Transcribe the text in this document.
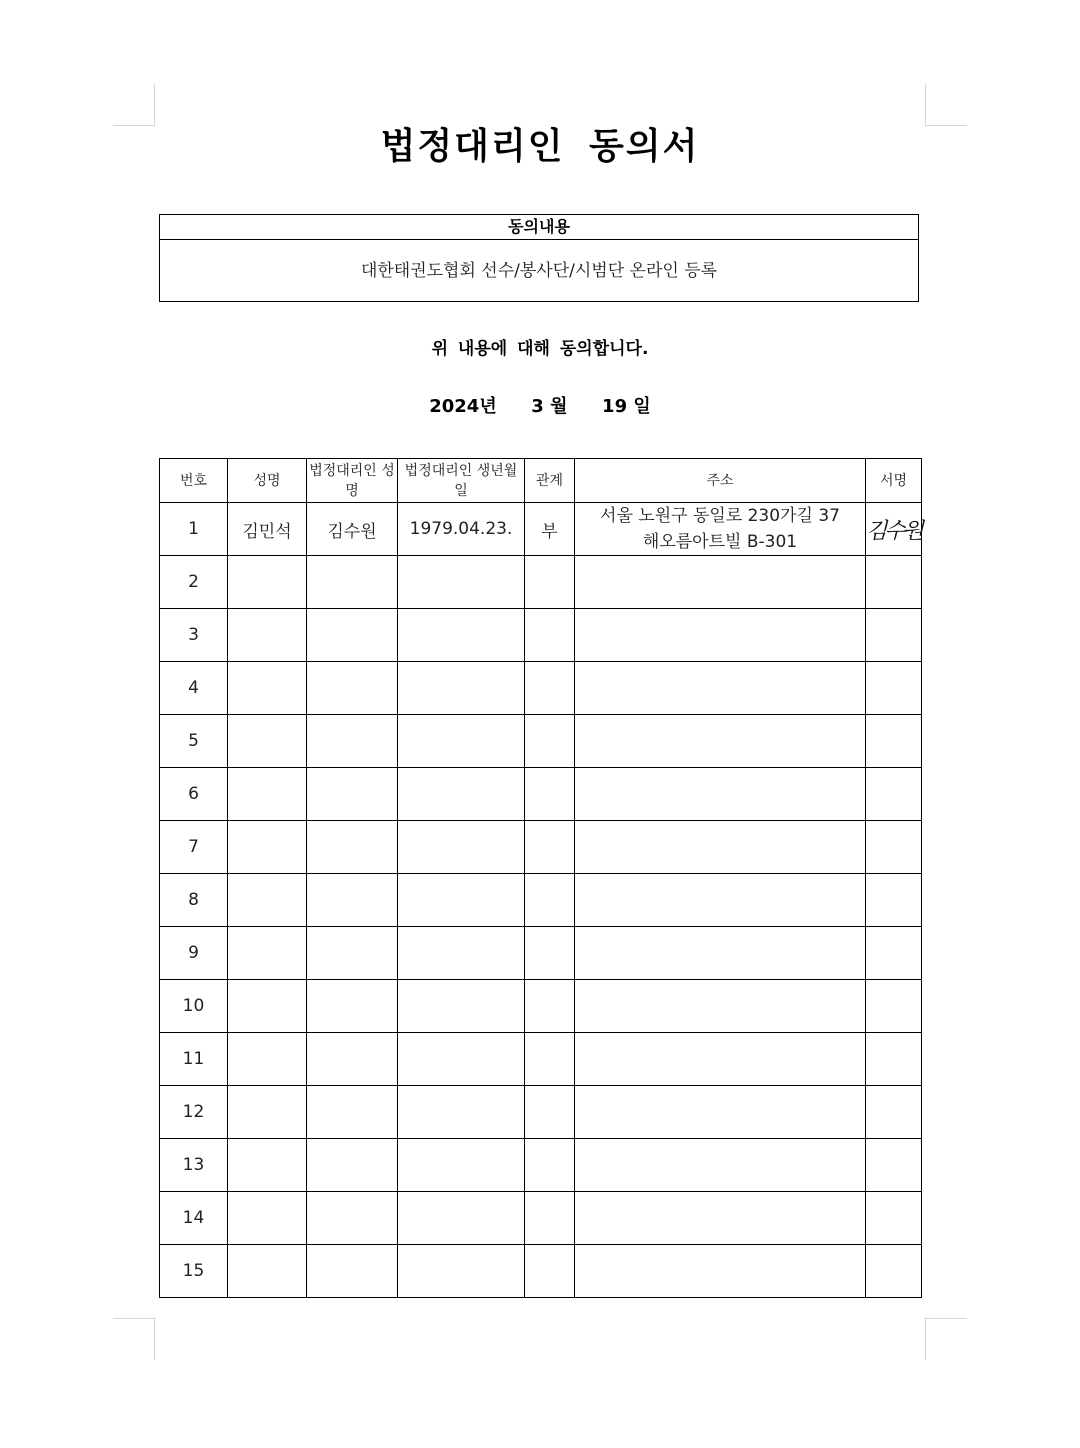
법정대리인 동의서
동의내용
대한태권도협회 선수/봉사단/시범단 온라인 등록
위 내용에 대해 동의합니다.
2024년 3 월 19 일
번호	성명	법정대리인 성명	법정대리인 생년월일	관계	주소	서명
1	김민석	김수원	1979.04.23.	부	서울 노원구 동일로 230가길 37
해오름아트빌 B-301	김수원
2						
3						
4						
5						
6						
7						
8						
9						
10						
11						
12						
13						
14						
15						
